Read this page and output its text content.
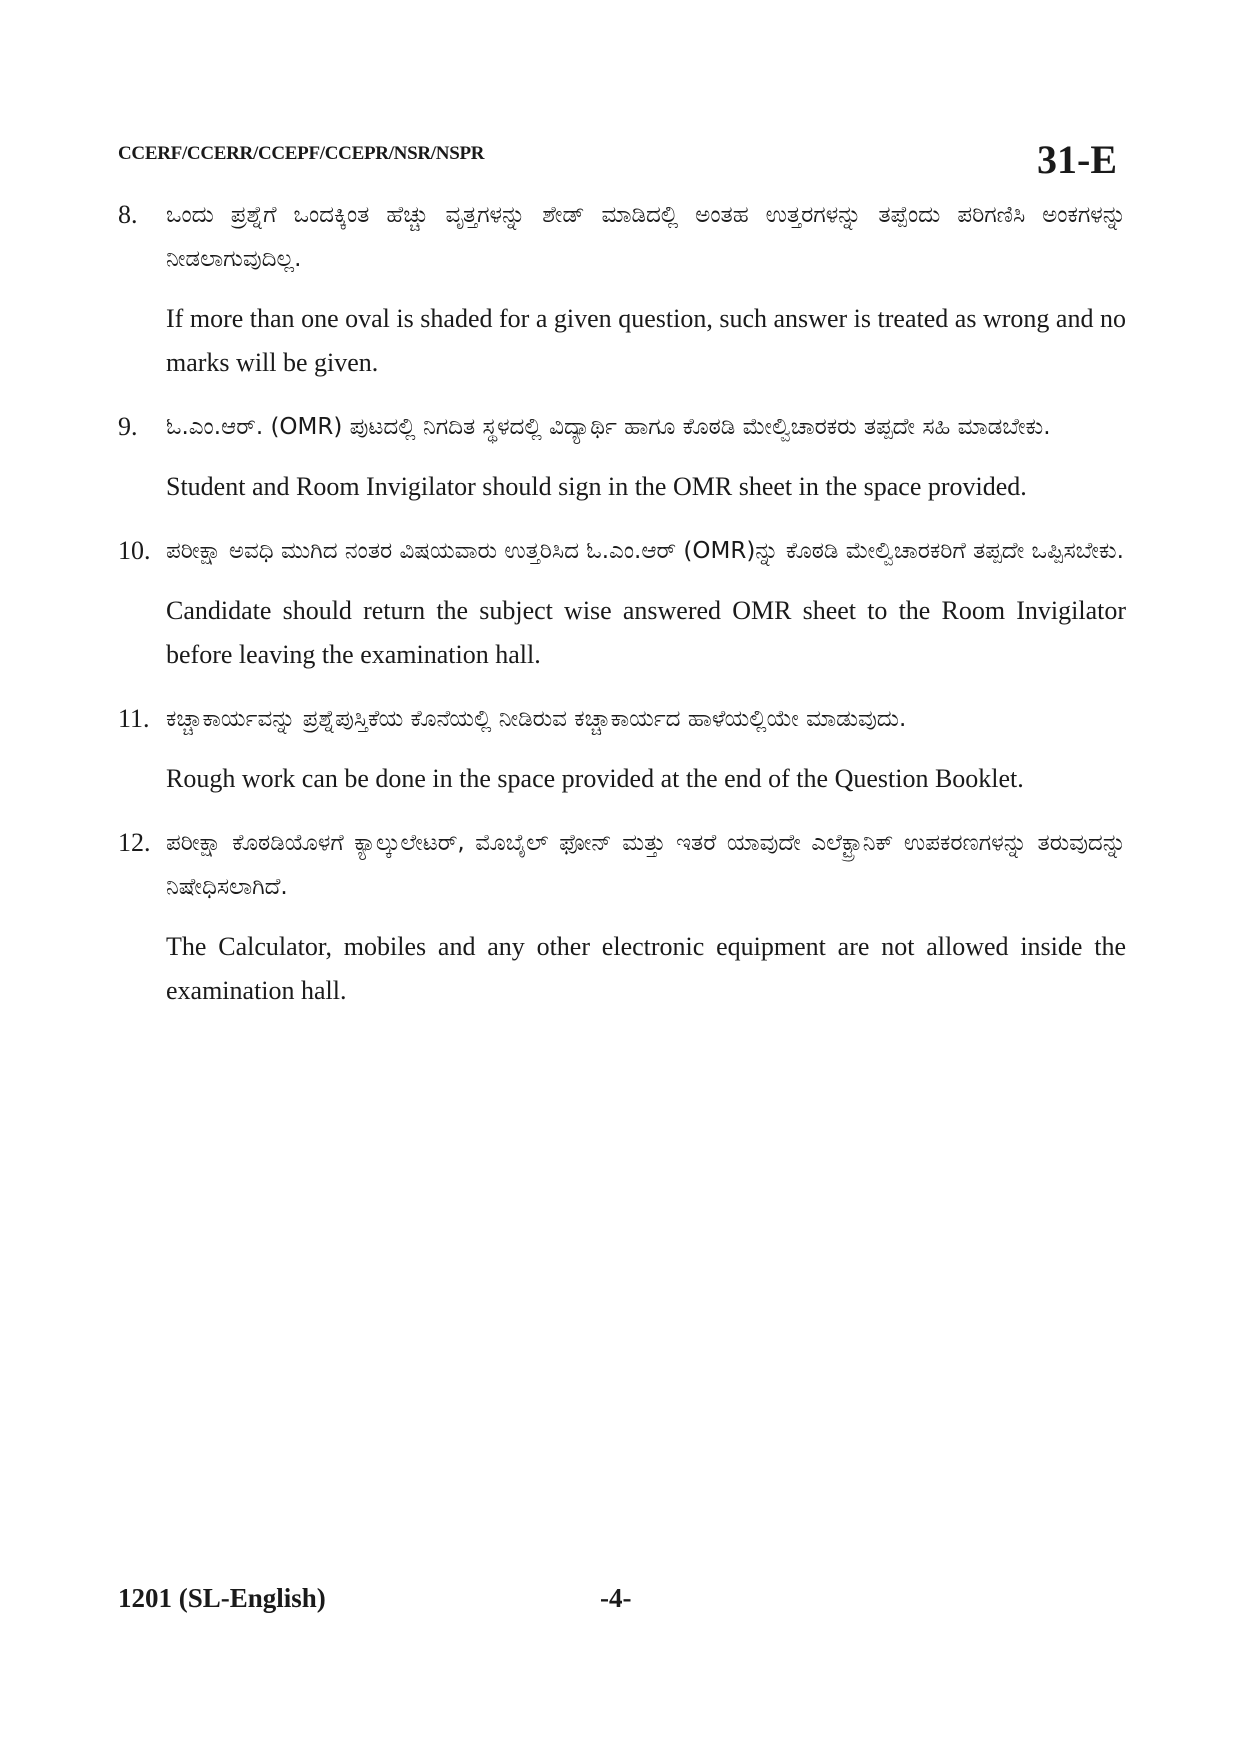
CCERF/CCERR/CCEPF/CCEPR/NSR/NSPR	31-E
8. ಒಂದು ಪ್ರಶ್ನೆಗೆ ಒಂದಕ್ಕಿಂತ ಹೆಚ್ಚು ವೃತ್ತಗಳನ್ನು ಶೇಡ್ ಮಾಡಿದಲ್ಲಿ ಅಂತಹ ಉತ್ತರಗಳನ್ನು ತಪ್ಪೆಂದು ಪರಿಗಣಿಸಿ ಅಂಕಗಳನ್ನು ನೀಡಲಾಗುವುದಿಲ್ಲ.

If more than one oval is shaded for a given question, such answer is treated as wrong and no marks will be given.

9. ಓ.ಎಂ.ಆರ್. (OMR) ಪುಟದಲ್ಲಿ ನಿಗದಿತ ಸ್ಥಳದಲ್ಲಿ ವಿದ್ಯಾರ್ಥಿ ಹಾಗೂ ಕೊಠಡಿ ಮೇಲ್ವಿಚಾರಕರು ತಪ್ಪದೇ ಸಹಿ ಮಾಡಬೇಕು.

Student and Room Invigilator should sign in the OMR sheet in the space provided.

10. ಪರೀಕ್ಷಾ ಅವಧಿ ಮುಗಿದ ನಂತರ ವಿಷಯವಾರು ಉತ್ತರಿಸಿದ ಓ.ಎಂ.ಆರ್ (OMR)ನ್ನು ಕೊಠಡಿ ಮೇಲ್ವಿಚಾರಕರಿಗೆ ತಪ್ಪದೇ ಒಪ್ಪಿಸಬೇಕು.

Candidate should return the subject wise answered OMR sheet to the Room Invigilator before leaving the examination hall.

11. ಕಚ್ಚಾಕಾರ್ಯವನ್ನು ಪ್ರಶ್ನೆಪುಸ್ತಿಕೆಯ ಕೊನೆಯಲ್ಲಿ ನೀಡಿರುವ ಕಚ್ಚಾಕಾರ್ಯದ ಹಾಳೆಯಲ್ಲಿಯೇ ಮಾಡುವುದು.

Rough work can be done in the space provided at the end of the Question Booklet.

12. ಪರೀಕ್ಷಾ ಕೊಠಡಿಯೊಳಗೆ ಕ್ಯಾಲ್ಕುಲೇಟರ್, ಮೊಬೈಲ್ ಫೋನ್ ಮತ್ತು ಇತರೆ ಯಾವುದೇ ಎಲೆಕ್ಟ್ರಾನಿಕ್ ಉಪಕರಣಗಳನ್ನು ತರುವುದನ್ನು ನಿಷೇಧಿಸಲಾಗಿದೆ.

The Calculator, mobiles and any other electronic equipment are not allowed inside the examination hall.

1201 (SL-English)	-4-
